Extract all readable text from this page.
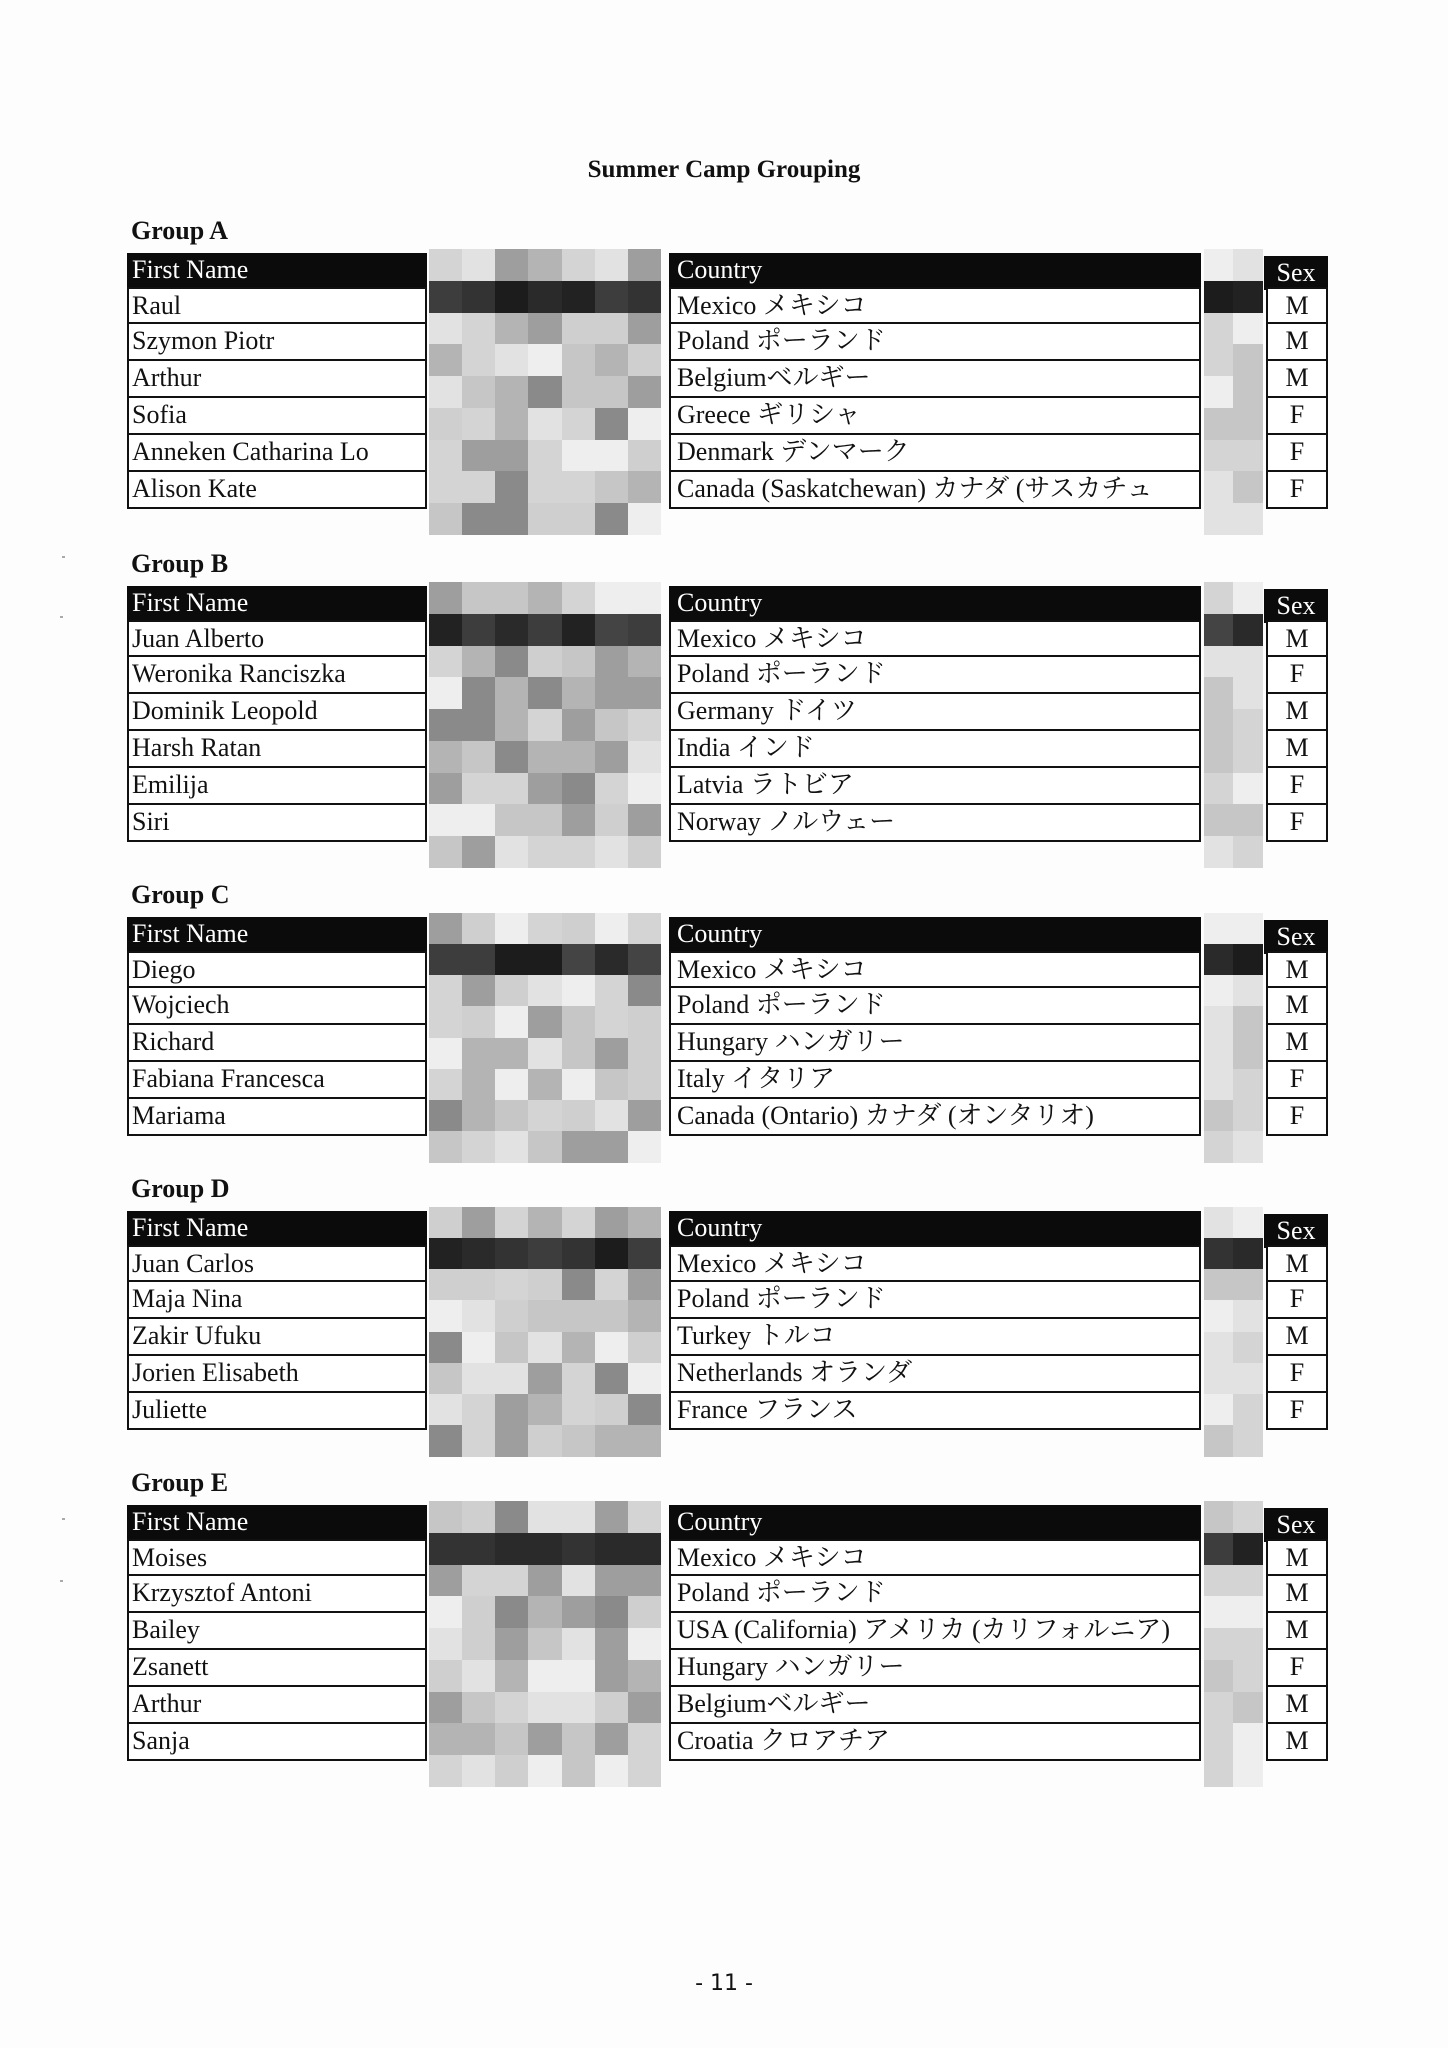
Summer Camp Grouping
Group A
First Name	Country	Sex
Raul	Mexico メキシコ	M
Szymon Piotr	Poland ポーランド	M
Arthur	Belgiumベルギー	M
Sofia	Greece ギリシャ	F
Anneken Catharina Lo	Denmark デンマーク	F
Alison Kate	Canada (Saskatchewan) カナダ (サスカチュ	F
Group B
First Name	Country	Sex
Juan Alberto	Mexico メキシコ	M
Weronika Ranciszka	Poland ポーランド	F
Dominik Leopold	Germany ドイツ	M
Harsh Ratan	India インド	M
Emilija	Latvia ラトビア	F
Siri	Norway ノルウェー	F
Group C
First Name	Country	Sex
Diego	Mexico メキシコ	M
Wojciech	Poland ポーランド	M
Richard	Hungary ハンガリー	M
Fabiana Francesca	Italy イタリア	F
Mariama	Canada (Ontario) カナダ (オンタリオ)	F
Group D
First Name	Country	Sex
Juan Carlos	Mexico メキシコ	M
Maja Nina	Poland ポーランド	F
Zakir Ufuku	Turkey トルコ	M
Jorien Elisabeth	Netherlands オランダ	F
Juliette	France フランス	F
Group E
First Name	Country	Sex
Moises	Mexico メキシコ	M
Krzysztof Antoni	Poland ポーランド	M
Bailey	USA (California) アメリカ (カリフォルニア)	M
Zsanett	Hungary ハンガリー	F
Arthur	Belgiumベルギー	M
Sanja	Croatia クロアチア	M
- 11 -
